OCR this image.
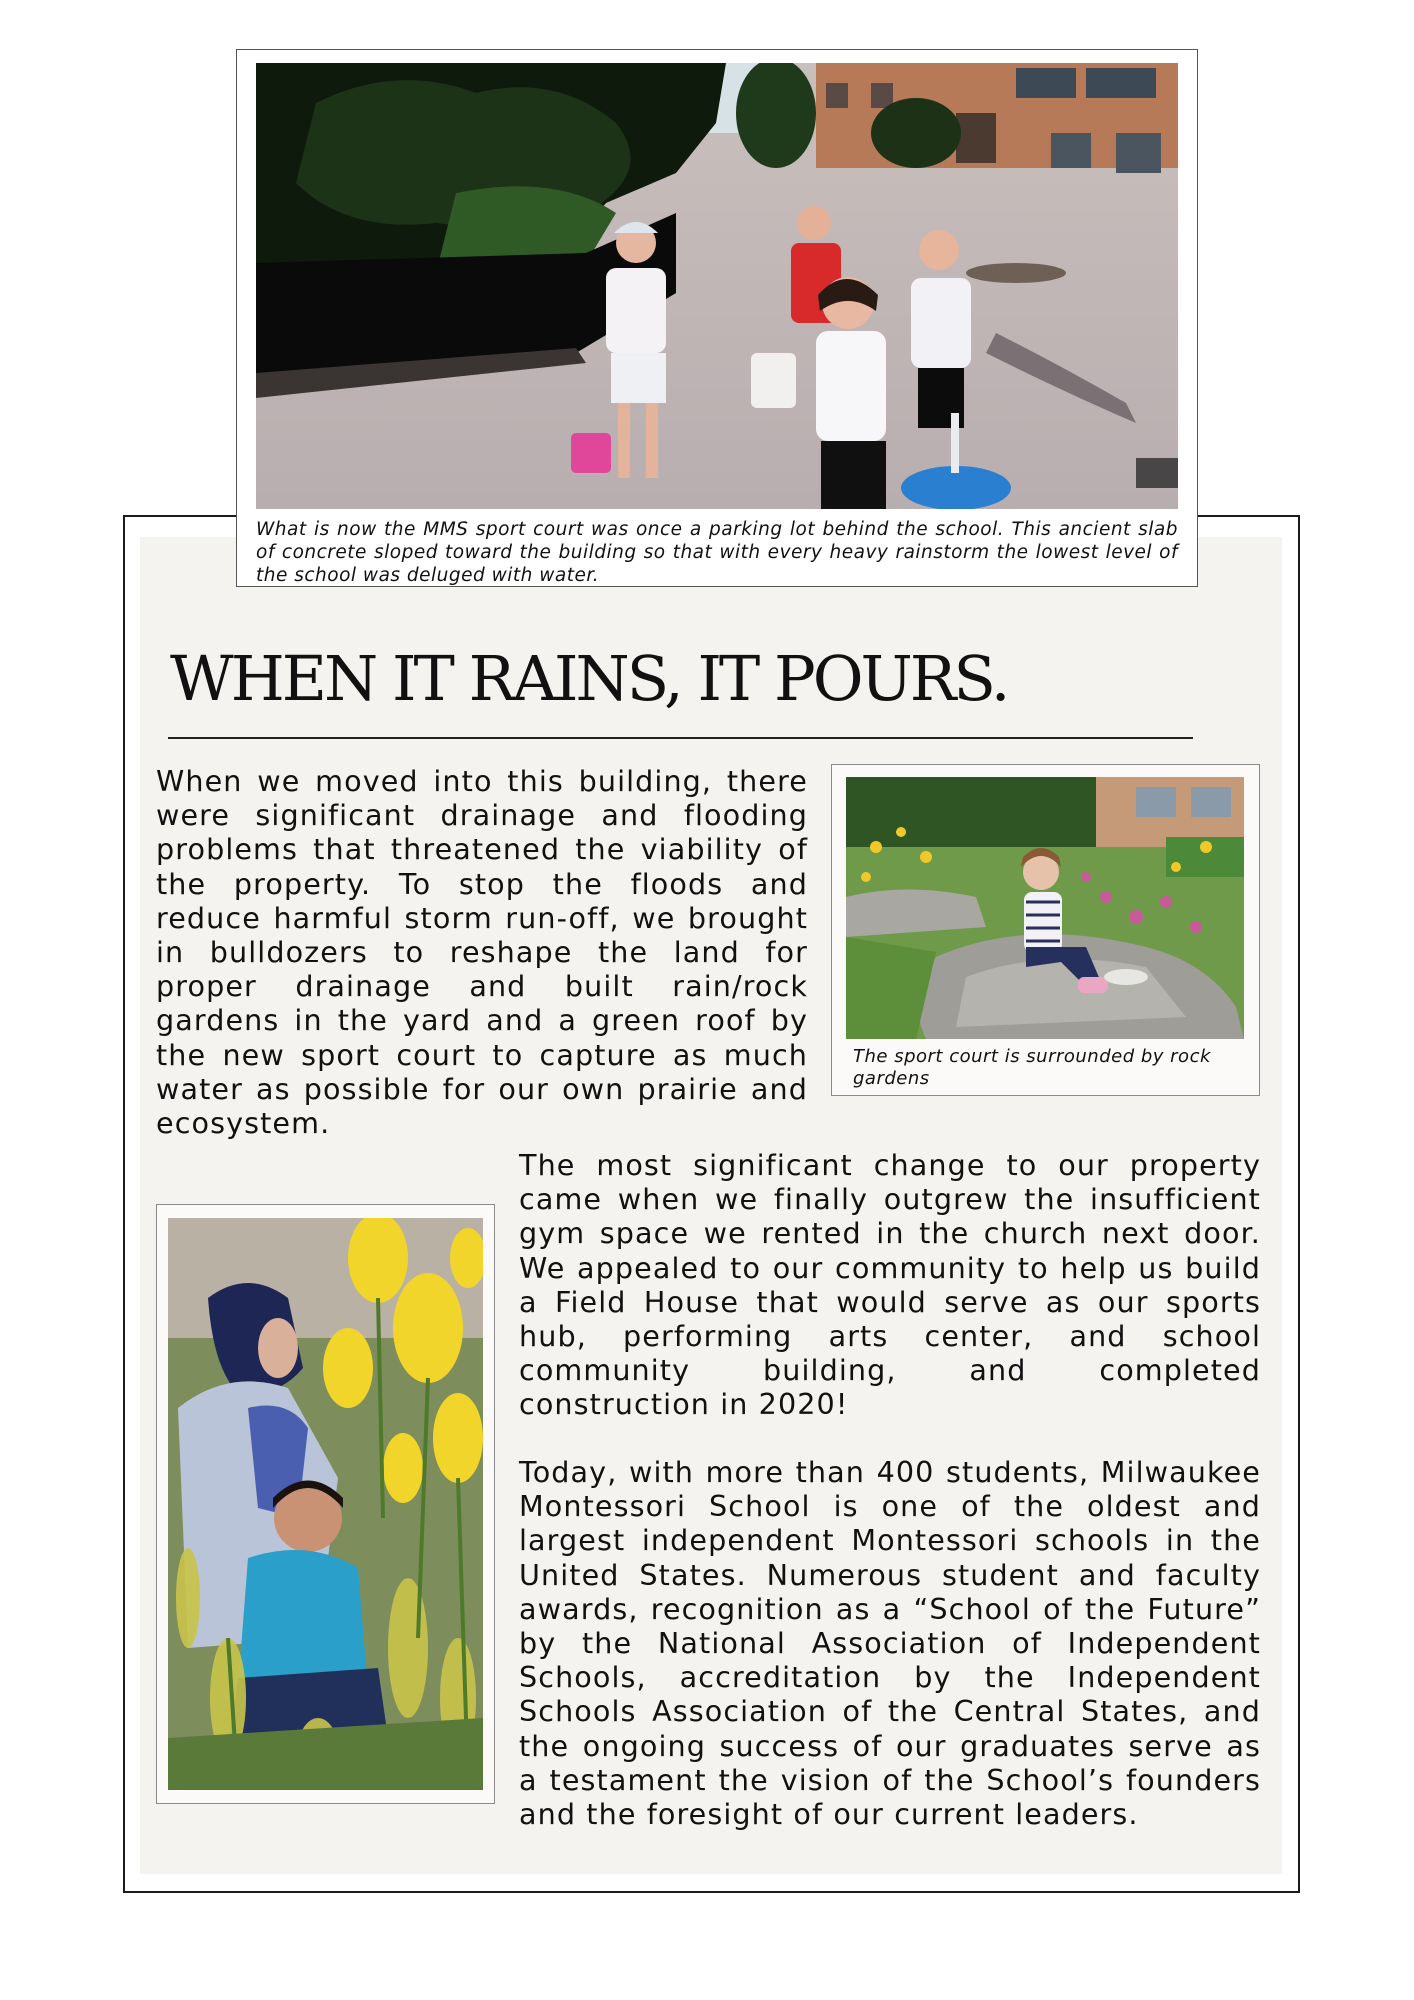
What is now the MMS sport court was once a parking lot behind the school. This ancient slab of concrete sloped toward the building so that with every heavy rainstorm the lowest level of the school was deluged with water.
WHEN IT RAINS, IT POURS.
When we moved into this building, there were significant drainage and flooding problems that threatened the viability of the property. To stop the floods and reduce harmful storm run-off, we brought in bulldozers to reshape the land for proper drainage and built rain/rock gardens in the yard and a green roof by the new sport court to capture as much water as possible for our own prairie and ecosystem.
The sport court is surrounded by rock gardens
The most significant change to our property came when we finally outgrew the insufficient gym space we rented in the church next door. We appealed to our community to help us build a Field House that would serve as our sports hub, performing arts center, and school community building, and completed construction in 2020!
Today, with more than 400 students, Milwaukee Montessori School is one of the oldest and largest independent Montessori schools in the United States. Numerous student and faculty awards, recognition as a “School of the Future” by the National Association of Independent Schools, accreditation by the Independent Schools Association of the Central States, and the ongoing success of our graduates serve as a testament the vision of the School’s founders and the foresight of our current leaders.
